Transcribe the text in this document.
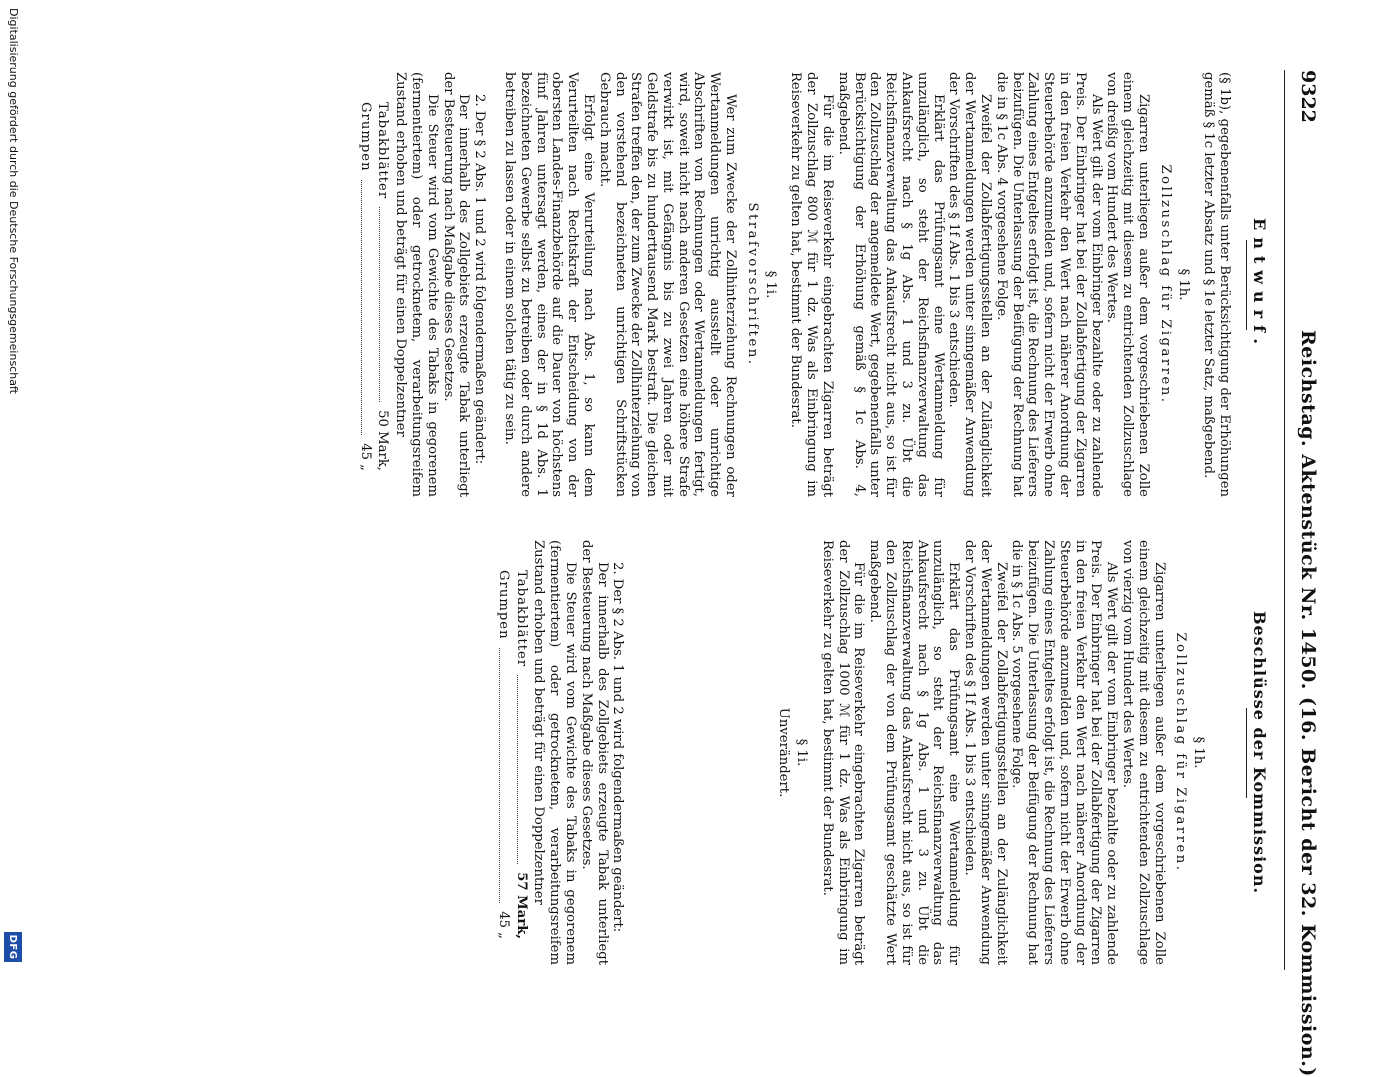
9322
Reichstag. Aktenstück Nr. 1450. (16. Bericht der 32. Kommission.)
Entwurf.

(§ 1b), gegebenenfalls unter Berücksichtigung der Erhöhungen gemäß § 1c letzter Absatz und § 1e letzter Satz, maßgebend.

§ 1h.
Zollzuschlag für Zigarren.

Zigarren unterliegen außer dem vorgeschriebenen Zolle einem gleichzeitig mit diesem zu entrichtenden Zollzuschlage von dreißig vom Hundert des Wertes.

Als Wert gilt der vom Einbringer bezahlte oder zu zahlende Preis. Der Einbringer hat bei der Zollabfertigung der Zigarren in den freien Verkehr den Wert nach näherer Anordnung der Steuerbehörde anzumelden und, sofern nicht der Erwerb ohne Zahlung eines Entgeltes erfolgt ist, die Rechnung des Lieferers beizufügen. Die Unterlassung der Beifügung der Rechnung hat die in § 1c Abs. 4 vorgesehene Folge.

Zweifel der Zollabfertigungsstellen an der Zulänglichkeit der Wertanmeldungen werden unter sinngemäßer Anwendung der Vorschriften des § 1f Abs. 1 bis 3 entschieden.

Erklärt das Prüfungsamt eine Wertanmeldung für unzulänglich, so steht der Reichsfinanzverwaltung das Ankaufsrecht nach § 1g Abs. 1 und 3 zu. Übt die Reichsfinanzverwaltung das Ankaufsrecht nicht aus, so ist für den Zollzuschlag der angemeldete Wert, gegebenenfalls unter Berücksichtigung der Erhöhung gemäß § 1c Abs. 4, maßgebend.

Für die im Reiseverkehr eingebrachten Zigarren beträgt der Zollzuschlag 800 ℳ für 1 dz. Was als Einbringung im Reiseverkehr zu gelten hat, bestimmt der Bundesrat.

§ 1i.
Strafvorschriften.

Wer zum Zwecke der Zollhinterziehung Rechnungen oder Wertanmeldungen unrichtig ausstellt oder unrichtige Abschriften von Rechnungen oder Wertanmeldungen fertigt, wird, soweit nicht nach anderen Gesetzen eine höhere Strafe verwirkt ist, mit Gefängnis bis zu zwei Jahren oder mit Geldstrafe bis zu hunderttausend Mark bestraft. Die gleichen Strafen treffen den, der zum Zwecke der Zollhinterziehung von den vorstehend bezeichneten unrichtigen Schriftstücken Gebrauch macht.

Erfolgt eine Verurteilung nach Abs. 1, so kann dem Verurteilten nach Rechtskraft der Entscheidung von der obersten Landes-Finanzbehörde auf die Dauer von höchstens fünf Jahren untersagt werden, eines der in § 1d Abs. 1 bezeichneten Gewerbe selbst zu betreiben oder durch andere betreiben zu lassen oder in einem solchen tätig zu sein.

2. Der § 2 Abs. 1 und 2 wird folgendermaßen geändert:

Der innerhalb des Zollgebiets erzeugte Tabak unterliegt der Besteuerung nach Maßgabe dieses Gesetzes.

Die Steuer wird vom Gewichte des Tabaks in gegorenem (fermentiertem) oder getrocknetem, verarbeitungsreifem Zustand erhoben und beträgt für einen Doppelzentner

Tabakblätter
50 Mark,
Grumpen
45 „
Beschlüsse der Kommission.
§ 1h.
Zollzuschlag für Zigarren.

Zigarren unterliegen außer dem vorgeschriebenen Zolle einem gleichzeitig mit diesem zu entrichtenden Zollzuschlage von vierzig vom Hundert des Wertes.

Als Wert gilt der vom Einbringer bezahlte oder zu zahlende Preis. Der Einbringer hat bei der Zollabfertigung der Zigarren in den freien Verkehr den Wert nach näherer Anordnung der Steuerbehörde anzumelden und, sofern nicht der Erwerb ohne Zahlung eines Entgeltes erfolgt ist, die Rechnung des Lieferers beizufügen. Die Unterlassung der Beifügung der Rechnung hat die in § 1c Abs. 5 vorgesehene Folge.

Zweifel der Zollabfertigungsstellen an der Zulänglichkeit der Wertanmeldungen werden unter sinngemäßer Anwendung der Vorschriften des § 1f Abs. 1 bis 3 entschieden.

Erklärt das Prüfungsamt eine Wertanmeldung für unzulänglich, so steht der Reichsfinanzverwaltung das Ankaufsrecht nach § 1g Abs. 1 und 3 zu. Übt die Reichsfinanzverwaltung das Ankaufsrecht nicht aus, so ist für den Zollzuschlag der von dem Prüfungsamt geschätzte Wert maßgebend.

Für die im Reiseverkehr eingebrachten Zigarren beträgt der Zollzuschlag 1000 ℳ für 1 dz. Was als Einbringung im Reiseverkehr zu gelten hat, bestimmt der Bundesrat.

§ 1i.
Unverändert.

2. Der § 2 Abs. 1 und 2 wird folgendermaßen geändert:

Der innerhalb des Zollgebiets erzeugte Tabak unterliegt der Besteuerung nach Maßgabe dieses Gesetzes.

Die Steuer wird vom Gewichte des Tabaks in gegorenem (fermentiertem) oder getrocknetem, verarbeitungsreifem Zustand erhoben und beträgt für einen Doppelzentner

Tabakblätter
57 Mark,
Grumpen
45 „
Digitalisierung gefördert durch die Deutsche Forschungsgemeinschaft
DFG
